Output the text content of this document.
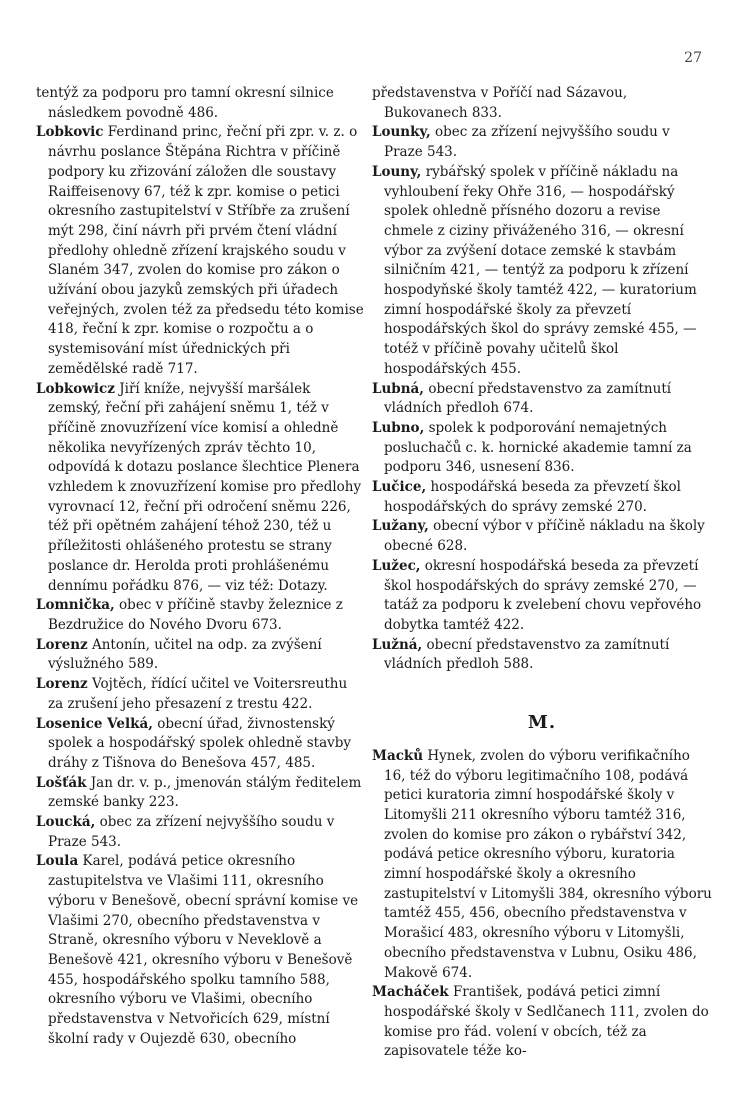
27

tentýž za podporu pro tamní okresní silnice následkem povodně 486.

Lobkovic Ferdinand princ, řeční při zpr. v. z. o návrhu poslance Štěpána Richtra v příčině podpory ku zřizování záložen dle soustavy Raiffeisenovy 67, též k zpr. komise o petici okresního zastupitelství v Stříbře za zrušení mýt 298, činí návrh při prvém čtení vládní předlohy ohledně zřízení krajského soudu v Slaném 347, zvolen do komise pro zákon o užívání obou jazyků zemských při úřadech veřejných, zvolen též za předsedu této komise 418, řeční k zpr. komise o rozpočtu a o systemisování míst úřednických při zemědělské radě 717.

Lobkowicz Jiří kníže, nejvyšší maršálek zemský, řeční při zahájení sněmu 1, též v příčině znovuzřízení více komisí a ohledně několika nevyřízených zpráv těchto 10, odpovídá k dotazu poslance šlechtice Plenera vzhledem k znovuzřízení komise pro předlohy vyrovnací 12, řeční při odročení sněmu 226, též při opětném zahájení téhož 230, též u příležitosti ohlášeného protestu se strany poslance dr. Herolda proti prohlášenému dennímu pořádku 876, — viz též: Dotazy.

Lomnička, obec v příčině stavby železnice z Bezdružice do Nového Dvoru 673.

Lorenz Antonín, učitel na odp. za zvýšení výslužného 589.

Lorenz Vojtěch, řídící učitel ve Voitersreuthu za zrušení jeho přesazení z trestu 422.

Losenice Velká, obecní úřad, živnostenský spolek a hospodářský spolek ohledně stavby dráhy z Tišnova do Benešova 457, 485.

Lošťák Jan dr. v. p., jmenován stálým ředitelem zemské banky 223.

Loucká, obec za zřízení nejvyššího soudu v Praze 543.

Loula Karel, podává petice okresního zastupitelstva ve Vlašimi 111, okresního výboru v Benešově, obecní správní komise ve Vlašimi 270, obecního představenstva v Straně, okresního výboru v Neveklově a Benešově 421, okresního výboru v Benešově 455, hospodářského spolku tamního 588, okresního výboru ve Vlašimi, obecního představenstva v Netvořicích 629, místní školní rady v Oujezdě 630, obecního

představenstva v Poříčí nad Sázavou, Bukovanech 833.

Lounky, obec za zřízení nejvyššího soudu v Praze 543.

Louny, rybářský spolek v příčině nákladu na vyhloubení řeky Ohře 316, — hospodářský spolek ohledně přísného dozoru a revise chmele z ciziny přiváženého 316, — okresní výbor za zvýšení dotace zemské k stavbám silničním 421, — tentýž za podporu k zřízení hospodyňské školy tamtéž 422, — kuratorium zimní hospodářské školy za převzetí hospodářských škol do správy zemské 455, — totéž v příčině povahy učitelů škol hospodářských 455.

Lubná, obecní představenstvo za zamítnutí vládních předloh 674.

Lubno, spolek k podporování nemajetných posluchačů c. k. hornické akademie tamní za podporu 346, usnesení 836.

Lučice, hospodářská beseda za převzetí škol hospodářských do správy zemské 270.

Lužany, obecní výbor v příčině nákladu na školy obecné 628.

Lužec, okresní hospodářská beseda za převzetí škol hospodářských do správy zemské 270, — tatáž za podporu k zvelebení chovu vepřového dobytka tamtéž 422.

Lužná, obecní představenstvo za zamítnutí vládních předloh 588.

M.

Macků Hynek, zvolen do výboru verifikačního 16, též do výboru legitimačního 108, podává petici kuratoria zimní hospodářské školy v Litomyšli 211 okresního výboru tamtéž 316, zvolen do komise pro zákon o rybářství 342, podává petice okresního výboru, kuratoria zimní hospodářské školy a okresního zastupitelství v Litomyšli 384, okresního výboru tamtéž 455, 456, obecního představenstva v Morašicí 483, okresního výboru v Litomyšli, obecního představenstva v Lubnu, Osiku 486, Makově 674.

Macháček František, podává petici zimní hospodářské školy v Sedlčanech 111, zvolen do komise pro řád. volení v obcích, též za zapisovatele téže ko-
